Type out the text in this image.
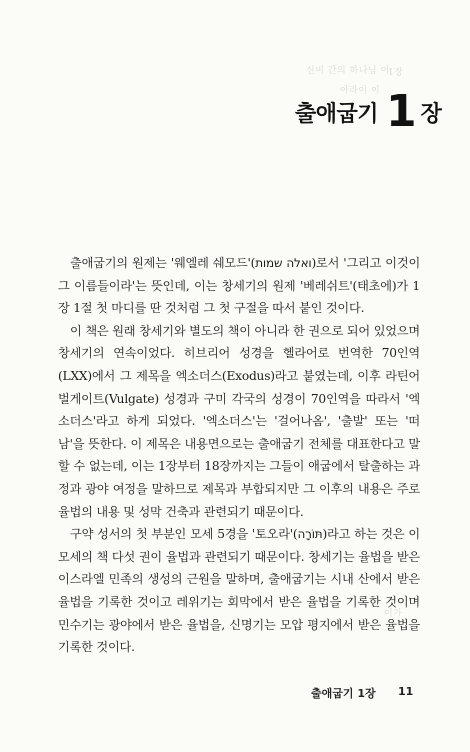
신비 간의 하나님 이
1장
아라이 이
이가
출애굽기 1 장

출애굽기의 원제는 '웨엘레 쉐모드'(ואלה שמות)로서 '그리고 이것이 그 이름들이라'는 뜻인데, 이는 창세기의 원제 '베레쉬트'(태초에)가 1장 1절 첫 마디를 딴 것처럼 그 첫 구절을 따서 붙인 것이다.

이 책은 원래 창세기와 별도의 책이 아니라 한 권으로 되어 있었으며 창세기의 연속이었다. 히브리어 성경을 헬라어로 번역한 70인역(LXX)에서 그 제목을 엑소더스(Exodus)라고 붙였는데, 이후 라틴어 벌게이트(Vulgate) 성경과 구미 각국의 성경이 70인역을 따라서 '엑소더스'라고 하게 되었다. '엑소더스'는 '걸어나옴', '출발' 또는 '떠남'을 뜻한다. 이 제목은 내용면으로는 출애굽기 전체를 대표한다고 말할 수 없는데, 이는 1장부터 18장까지는 그들이 애굽에서 탈출하는 과정과 광야 여정을 말하므로 제목과 부합되지만 그 이후의 내용은 주로 율법의 내용 및 성막 건축과 관련되기 때문이다.

구약 성서의 첫 부분인 모세 5경을 '토오라'(תּוֹרָה)라고 하는 것은 이 모세의 책 다섯 권이 율법과 관련되기 때문이다. 창세기는 율법을 받은 이스라엘 민족의 생성의 근원을 말하며, 출애굽기는 시내 산에서 받은 율법을 기록한 것이고 레위기는 회막에서 받은 율법을 기록한 것이며 민수기는 광야에서 받은 율법을, 신명기는 모압 평지에서 받은 율법을 기록한 것이다.

출애굽기 1장 11
